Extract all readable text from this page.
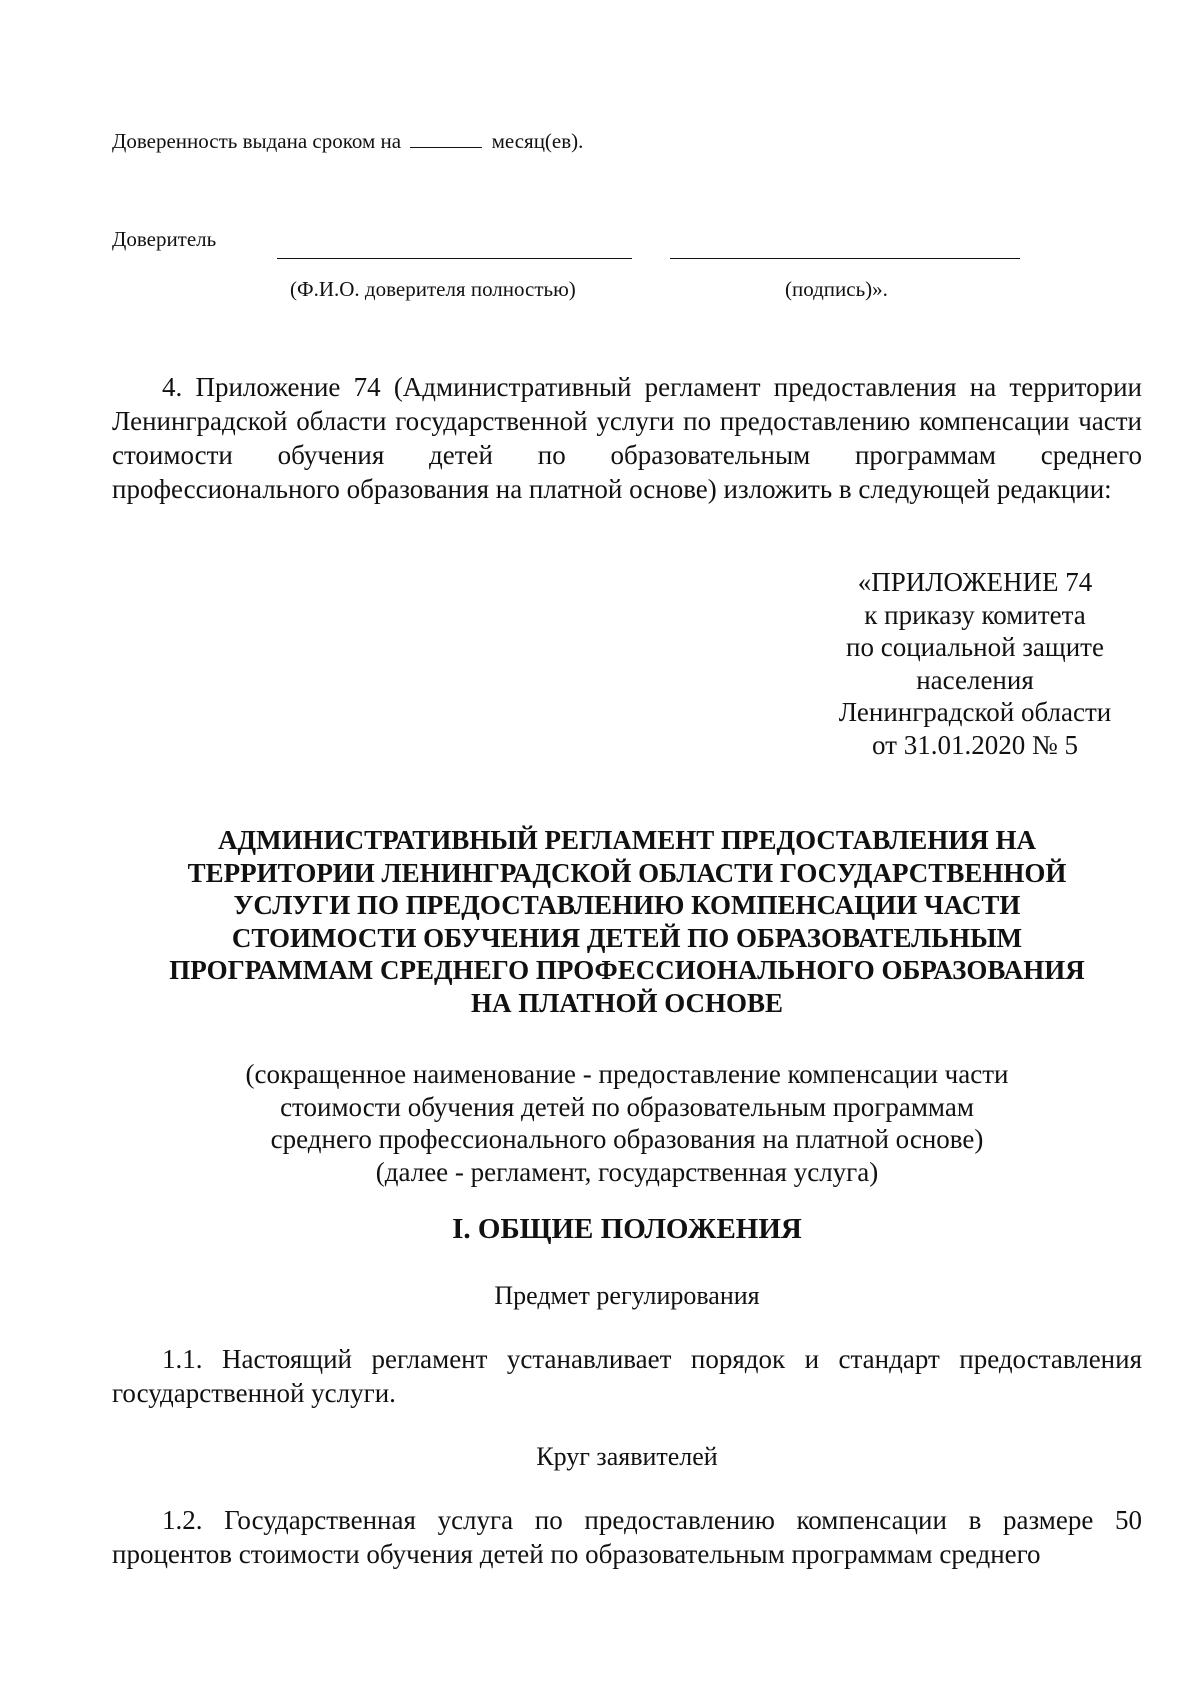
Доверенность выдана сроком на	месяц(ев).
Доверитель
(Ф.И.О. доверителя полностью)	(подпись)».

4. Приложение 74 (Административный регламент предоставления на территории Ленинградской области государственной услуги по предоставлению компенсации части стоимости обучения детей по образовательным программам среднего профессионального образования на платной основе) изложить в следующей редакции:

«ПРИЛОЖЕНИЕ 74
к приказу комитета
по социальной защите
населения
Ленинградской области
от 31.01.2020 № 5
АДМИНИСТРАТИВНЫЙ РЕГЛАМЕНТ ПРЕДОСТАВЛЕНИЯ НА
ТЕРРИТОРИИ ЛЕНИНГРАДСКОЙ ОБЛАСТИ ГОСУДАРСТВЕННОЙ
УСЛУГИ ПО ПРЕДОСТАВЛЕНИЮ КОМПЕНСАЦИИ ЧАСТИ
СТОИМОСТИ ОБУЧЕНИЯ ДЕТЕЙ ПО ОБРАЗОВАТЕЛЬНЫМ
ПРОГРАММАМ СРЕДНЕГО ПРОФЕССИОНАЛЬНОГО ОБРАЗОВАНИЯ
НА ПЛАТНОЙ ОСНОВЕ
(сокращенное наименование - предоставление компенсации части
стоимости обучения детей по образовательным программам
среднего профессионального образования на платной основе)
(далее - регламент, государственная услуга)
I. ОБЩИЕ ПОЛОЖЕНИЯ
Предмет регулирования

1.1. Настоящий регламент устанавливает порядок и стандарт предоставления государственной услуги.

Круг заявителей

1.2. Государственная услуга по предоставлению компенсации в размере 50 процентов стоимости обучения детей по образовательным программам среднего
